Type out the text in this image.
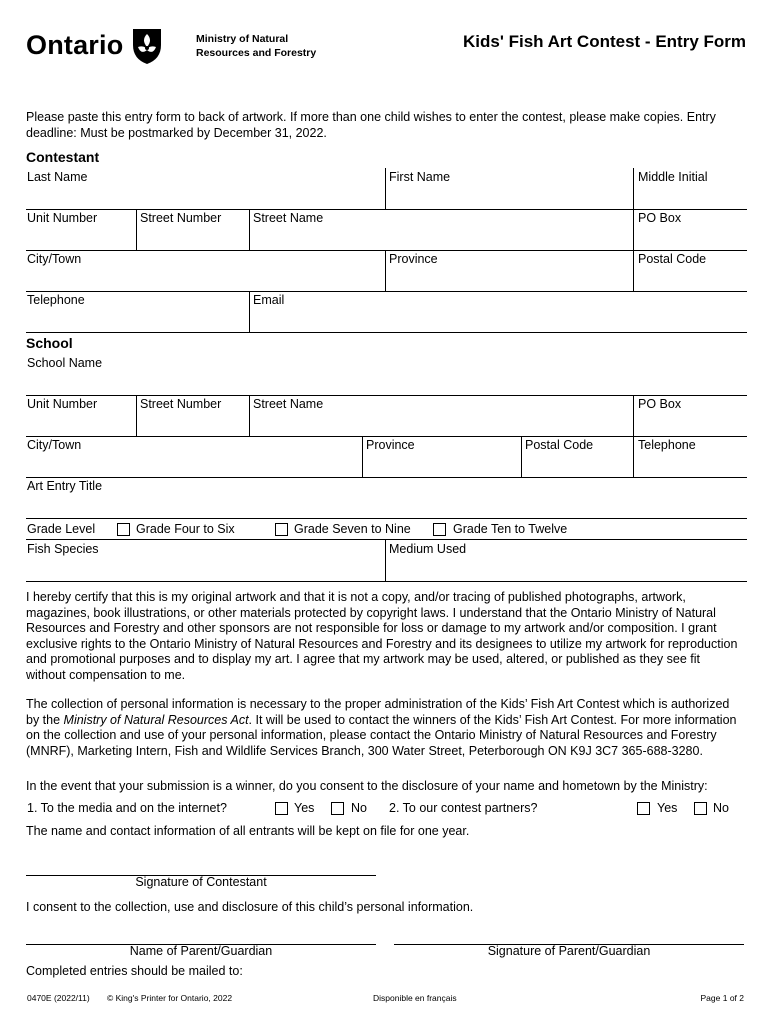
Ontario	Ministry of Natural
Resources and Forestry
Kids' Fish Art Contest - Entry Form
Please paste this entry form to back of artwork. If more than one child wishes to enter the contest, please make copies. Entry
deadline: Must be postmarked by December 31, 2022.
Contestant
Last Name	First Name	Middle Initial
Unit Number	Street Number	Street Name	PO Box
City/Town	Province	Postal Code
Telephone	Email
School
School Name
Unit Number	Street Number	Street Name	PO Box
City/Town	Province	Postal Code	Telephone
Art Entry Title
Grade Level	Grade Four to Six	Grade Seven to Nine	Grade Ten to Twelve
Fish Species	Medium Used
I hereby certify that this is my original artwork and that it is not a copy, and/or tracing of published photographs, artwork,
magazines, book illustrations, or other materials protected by copyright laws. I understand that the Ontario Ministry of Natural
Resources and Forestry and other sponsors are not responsible for loss or damage to my artwork and/or composition. I grant
exclusive rights to the Ontario Ministry of Natural Resources and Forestry and its designees to utilize my artwork for reproduction
and promotional purposes and to display my art. I agree that my artwork may be used, altered, or published as they see fit
without compensation to me.
The collection of personal information is necessary to the proper administration of the Kids’ Fish Art Contest which is authorized
by the Ministry of Natural Resources Act. It will be used to contact the winners of the Kids’ Fish Art Contest. For more information
on the collection and use of your personal information, please contact the Ontario Ministry of Natural Resources and Forestry
(MNRF), Marketing Intern, Fish and Wildlife Services Branch, 300 Water Street, Peterborough ON K9J 3C7 365-688-3280.
In the event that your submission is a winner, do you consent to the disclosure of your name and hometown by the Ministry:
1. To the media and on the internet?	Yes	No 2. To our contest partners?	Yes	No
The name and contact information of all entrants will be kept on file for one year.
Signature of Contestant
I consent to the collection, use and disclosure of this child’s personal information.
Name of Parent/Guardian	Signature of Parent/Guardian
Completed entries should be mailed to:
0470E (2022/11) © King's Printer for Ontario, 2022	Disponible en français	Page 1 of 2
